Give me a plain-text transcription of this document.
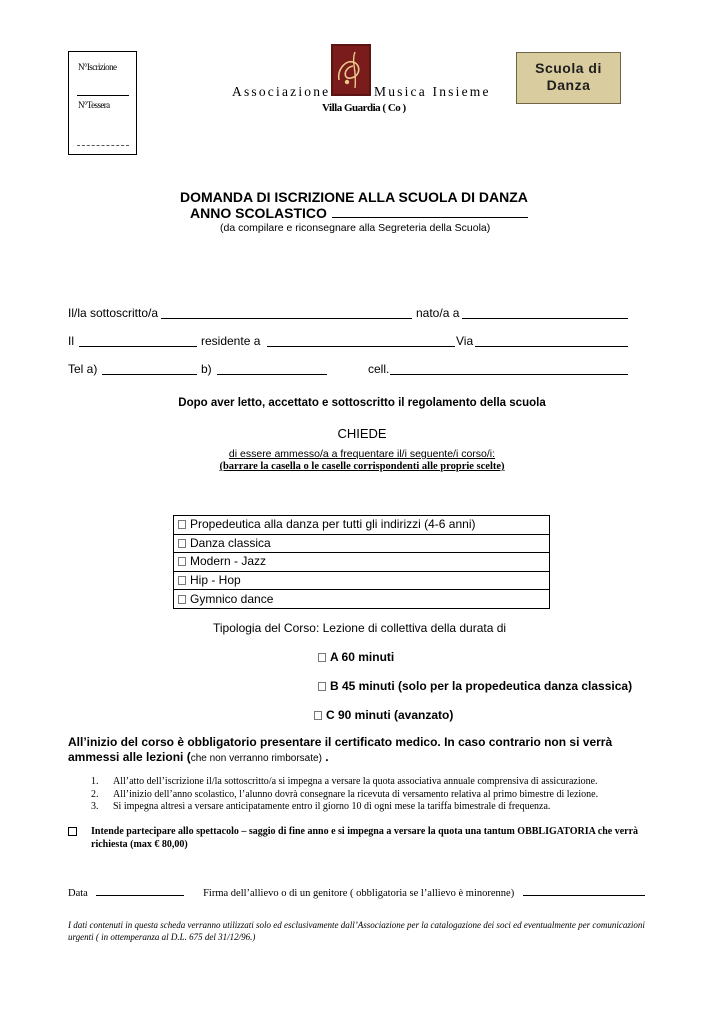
N°Iscrizione
N°Tessera
Associazione	Musica Insieme
Villa Guardia ( Co )
Scuola di
Danza
DOMANDA DI ISCRIZIONE ALLA SCUOLA DI DANZA
ANNO SCOLASTICO
(da compilare e riconsegnare alla Segreteria della Scuola)
Il/la sottoscritto/a	nato/a a
Il	residente a	Via
Tel a)	b)	cell.
Dopo aver letto, accettato e sottoscritto il regolamento della scuola
CHIEDE
di essere ammesso/a a frequentare il/i seguente/i corso/i:
(barrare la casella o le caselle corrispondenti alle proprie scelte)
Propedeutica alla danza per tutti gli indirizzi (4-6 anni)
Danza classica
Modern - Jazz
Hip - Hop
Gymnico dance
Tipologia del Corso: Lezione di collettiva della durata di
A 60 minuti
B 45 minuti (solo per la propedeutica danza classica)
C 90 minuti (avanzato)
All’inizio del corso è obbligatorio presentare il certificato medico. In caso contrario non si verrà ammessi alle lezioni (che non verranno rimborsate) .
1. All’atto dell’iscrizione il/la sottoscritto/a si impegna a versare la quota associativa annuale comprensiva di assicurazione.
2. All’inizio dell’anno scolastico, l’alunno dovrà consegnare la ricevuta di versamento relativa al primo bimestre di lezione.
3. Si impegna altresì a versare anticipatamente entro il giorno 10 di ogni mese la tariffa bimestrale di frequenza.
Intende partecipare allo spettacolo – saggio di fine anno e si impegna a versare la quota una tantum OBBLIGATORIA che verrà richiesta (max € 80,00)
Data	Firma dell’allievo o di un genitore ( obbligatoria se l’allievo è minorenne)
I dati contenuti in questa scheda verranno utilizzati solo ed esclusivamente dall’Associazione per la catalogazione dei soci ed eventualmente per comunicazioni urgenti ( in ottemperanza al D.L. 675 del 31/12/96.)
